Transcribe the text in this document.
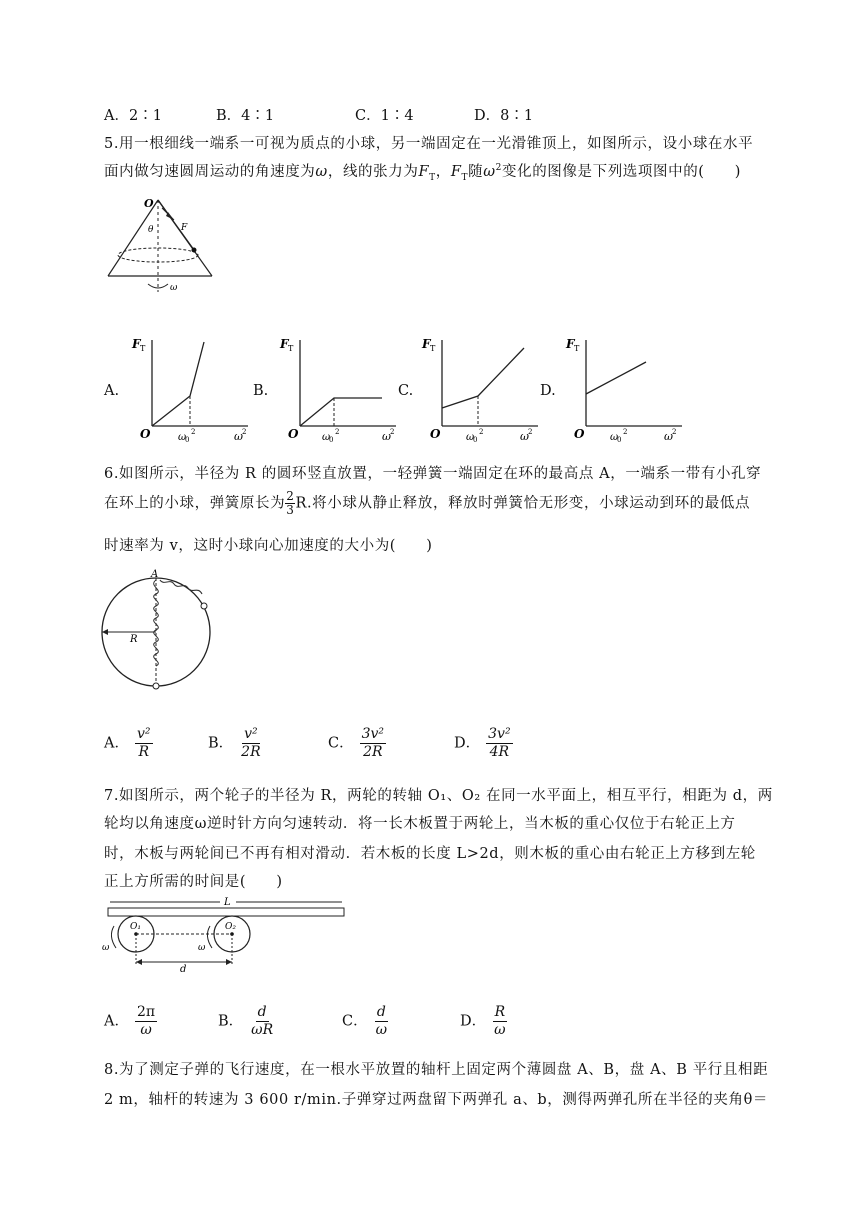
A．2∶1	B．4∶1	C．1∶4	D．8∶1
5.用一根细线一端系一可视为质点的小球，另一端固定在一光滑锥顶上，如图所示，设小球在水平
面内做匀速圆周运动的角速度为ω，线的张力为$F_T$，$F_T$随$\omega^2$变化的图像是下列选项图中的(　　)
O
θ	F
ω
A.
F T
O	ω
0
2	ω 2
B.
F T
O ω
0
2	ω 2
C.
F T
O	ω
0
2	ω 2
D.
F T
O	ω
0
2	ω 2
6.如图所示，半径为 R 的圆环竖直放置，一轻弹簧一端固定在环的最高点 A，一端系一带有小孔穿
在环上的小球，弹簧原长为 $\frac{2}{3} R$.将小球从静止释放，释放时弹簧恰无形变，小球运动到环的最低点
时速率为 v，这时小球向心加速度的大小为(　　)
A
R
A． $\frac{\text{v²}}{R}$	B． $\frac{\text{v²}}{2R}$	C． $\frac{\text{3v²}}{2R}$	D． $\frac{\text{3v²}}{4R}$
7.如图所示，两个轮子的半径为 R，两轮的转轴 O₁、O₂ 在同一水平面上，相互平行，相距为 d，两
轮均以角速度ω逆时针方向匀速转动．将一长木板置于两轮上，当木板的重心仅位于右轮正上方
时，木板与两轮间已不再有相对滑动．若木板的长度 L>2d，则木板的重心由右轮正上方移到左轮
正上方所需的时间是(　　)
L
O₁	O₂
d
ω	ω
A． $\frac{2\pi}{\omega}$	B． $\frac{d}{\omega R}$	C． $\frac{d}{\omega}$	D． $\frac{R}{\omega}$
8.为了测定子弹的飞行速度，在一根水平放置的轴杆上固定两个薄圆盘 A、B，盘 A、B 平行且相距
2 m，轴杆的转速为 3 600 r/min.子弹穿过两盘留下两弹孔 a、b，测得两弹孔所在半径的夹角θ＝
